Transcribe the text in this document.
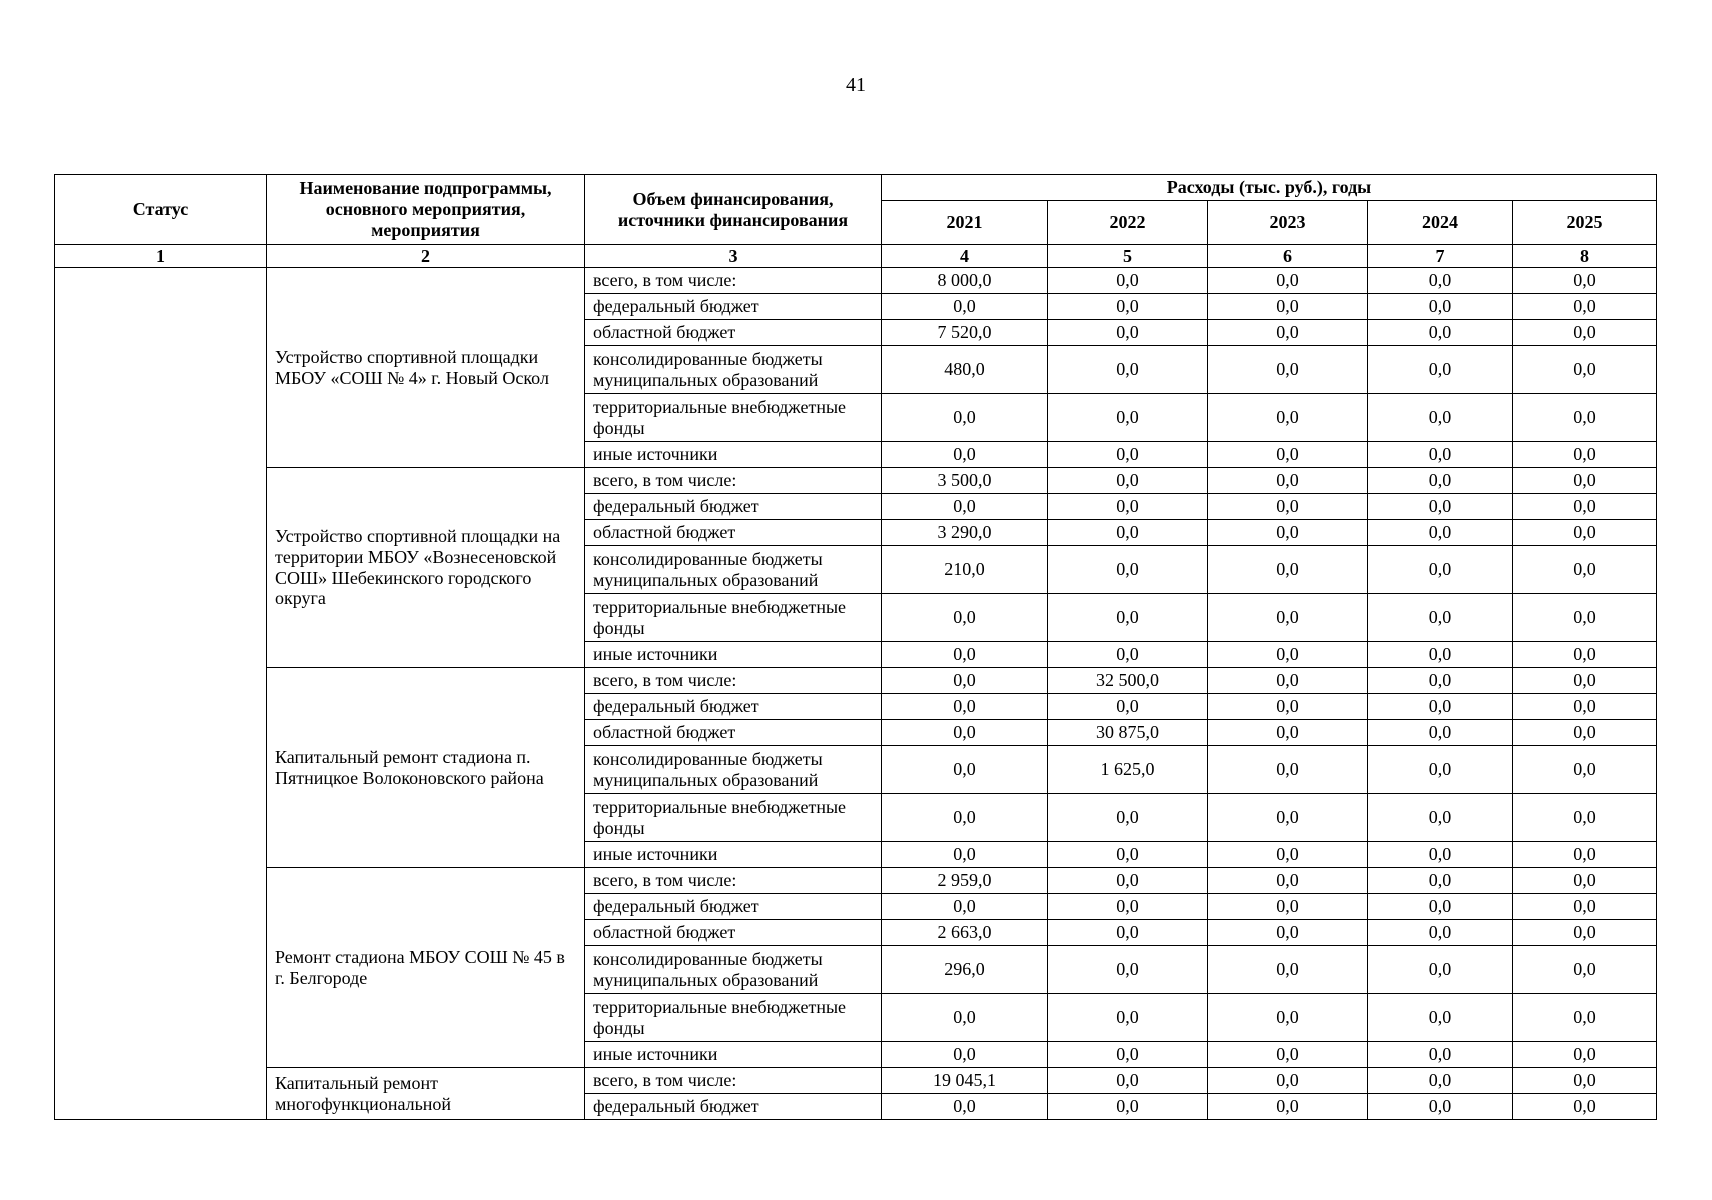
41
Статус	Наименование подпрограммы, основного мероприятия, мероприятия	Объем финансирования, источники финансирования	Расходы (тыс. руб.), годы				
			2021	2022	2023	2024	2025
1	2	3	4	5	6	7	8
	Устройство спортивной площадки МБОУ «СОШ № 4» г. Новый Оскол	всего, в том числе:	8 000,0	0,0	0,0	0,0	0,0
		федеральный бюджет	0,0	0,0	0,0	0,0	0,0
		областной бюджет	7 520,0	0,0	0,0	0,0	0,0
		консолидированные бюджеты муниципальных образований	480,0	0,0	0,0	0,0	0,0
		территориальные внебюджетные фонды	0,0	0,0	0,0	0,0	0,0
		иные источники	0,0	0,0	0,0	0,0	0,0
	Устройство спортивной площадки на территории МБОУ «Вознесеновской СОШ» Шебекинского городского округа	всего, в том числе:	3 500,0	0,0	0,0	0,0	0,0
		федеральный бюджет	0,0	0,0	0,0	0,0	0,0
		областной бюджет	3 290,0	0,0	0,0	0,0	0,0
		консолидированные бюджеты муниципальных образований	210,0	0,0	0,0	0,0	0,0
		территориальные внебюджетные фонды	0,0	0,0	0,0	0,0	0,0
		иные источники	0,0	0,0	0,0	0,0	0,0
	Капитальный ремонт стадиона п. Пятницкое Волоконовского района	всего, в том числе:	0,0	32 500,0	0,0	0,0	0,0
		федеральный бюджет	0,0	0,0	0,0	0,0	0,0
		областной бюджет	0,0	30 875,0	0,0	0,0	0,0
		консолидированные бюджеты муниципальных образований	0,0	1 625,0	0,0	0,0	0,0
		территориальные внебюджетные фонды	0,0	0,0	0,0	0,0	0,0
		иные источники	0,0	0,0	0,0	0,0	0,0
	Ремонт стадиона МБОУ СОШ № 45 в г. Белгороде	всего, в том числе:	2 959,0	0,0	0,0	0,0	0,0
		федеральный бюджет	0,0	0,0	0,0	0,0	0,0
		областной бюджет	2 663,0	0,0	0,0	0,0	0,0
		консолидированные бюджеты муниципальных образований	296,0	0,0	0,0	0,0	0,0
		территориальные внебюджетные фонды	0,0	0,0	0,0	0,0	0,0
		иные источники	0,0	0,0	0,0	0,0	0,0
	Капитальный ремонт многофункциональной	всего, в том числе:	19 045,1	0,0	0,0	0,0	0,0
		федеральный бюджет	0,0	0,0	0,0	0,0	0,0
